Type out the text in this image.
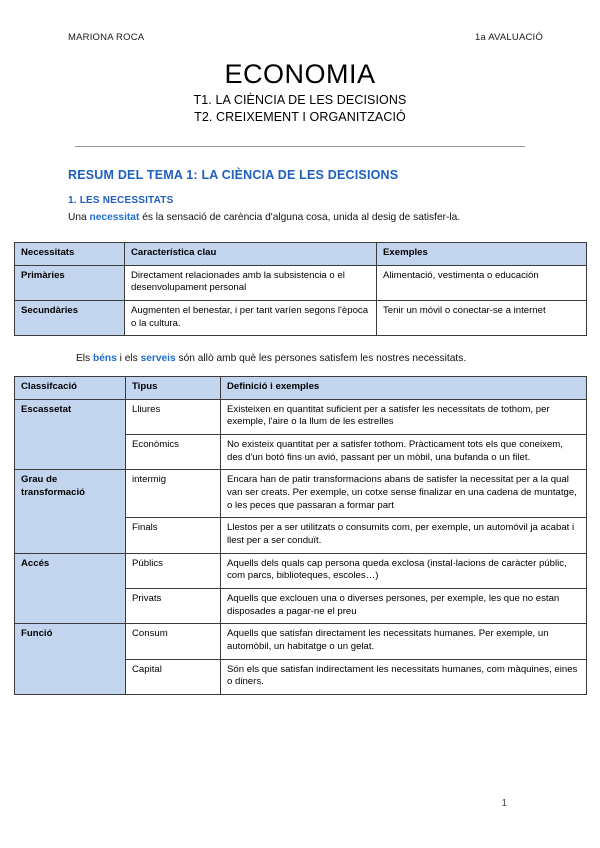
MARIONA ROCA	1a AVALUACIÓ
ECONOMIA
T1. LA CIÈNCIA DE LES DECISIONS
T2. CREIXEMENT I ORGANITZACIÓ
RESUM DEL TEMA 1: LA CIÈNCIA DE LES DECISIONS
1. LES NECESSITATS
Una necessitat és la sensació de carència d'alguna cosa, unida al desig de satisfer-la.
Necessitats	Característica clau	Exemples
Primàries	Directament relacionades amb la subsistencia o el desenvolupament personal	Alimentació, vestimenta o educación
Secundàries	Augmenten el benestar, i per tant varíen segons l'època o la cultura.	Tenir un móvil o conectar-se a internet
Els béns i els serveis són allò amb què les persones satisfem les nostres necessitats.
Classifcació	Tipus	Definició i exemples
Escassetat	Lliures	Existeixen en quantitat suficient per a satisfer les necessitats de tothom, per exemple, l'aire o la llum de les estrelles
	Econòmics	No existeix quantitat per a satisfer tothom. Pràcticament tots els que coneixem, des d'un botó fins un avió, passant per un mòbil, una bufanda o un filet.
Grau de transformació	intermig	Encara han de patir transformacions abans de satisfer la necessitat per a la qual van ser creats. Per exemple, un cotxe sense finalizar en una cadena de muntatge, o les peces que passaran a formar part
	Finals	Llestos per a ser utilitzats o consumits com, per exemple, un automóvil ja acabat i llest per a ser conduït.
Accés	Públics	Aquells dels quals cap persona queda exclosa (instal·lacions de caràcter públic, com parcs, biblioteques, escoles…)
	Privats	Aquells que exclouen una o diverses persones, per exemple, les que no estan disposades a pagar-ne el preu
Funció	Consum	Aquells que satisfan directament les necessitats humanes. Per exemple, un automòbil, un habitatge o un gelat.
	Capital	Són els que satisfan indirectament les necessitats humanes, com màquines, eines o diners.
1
